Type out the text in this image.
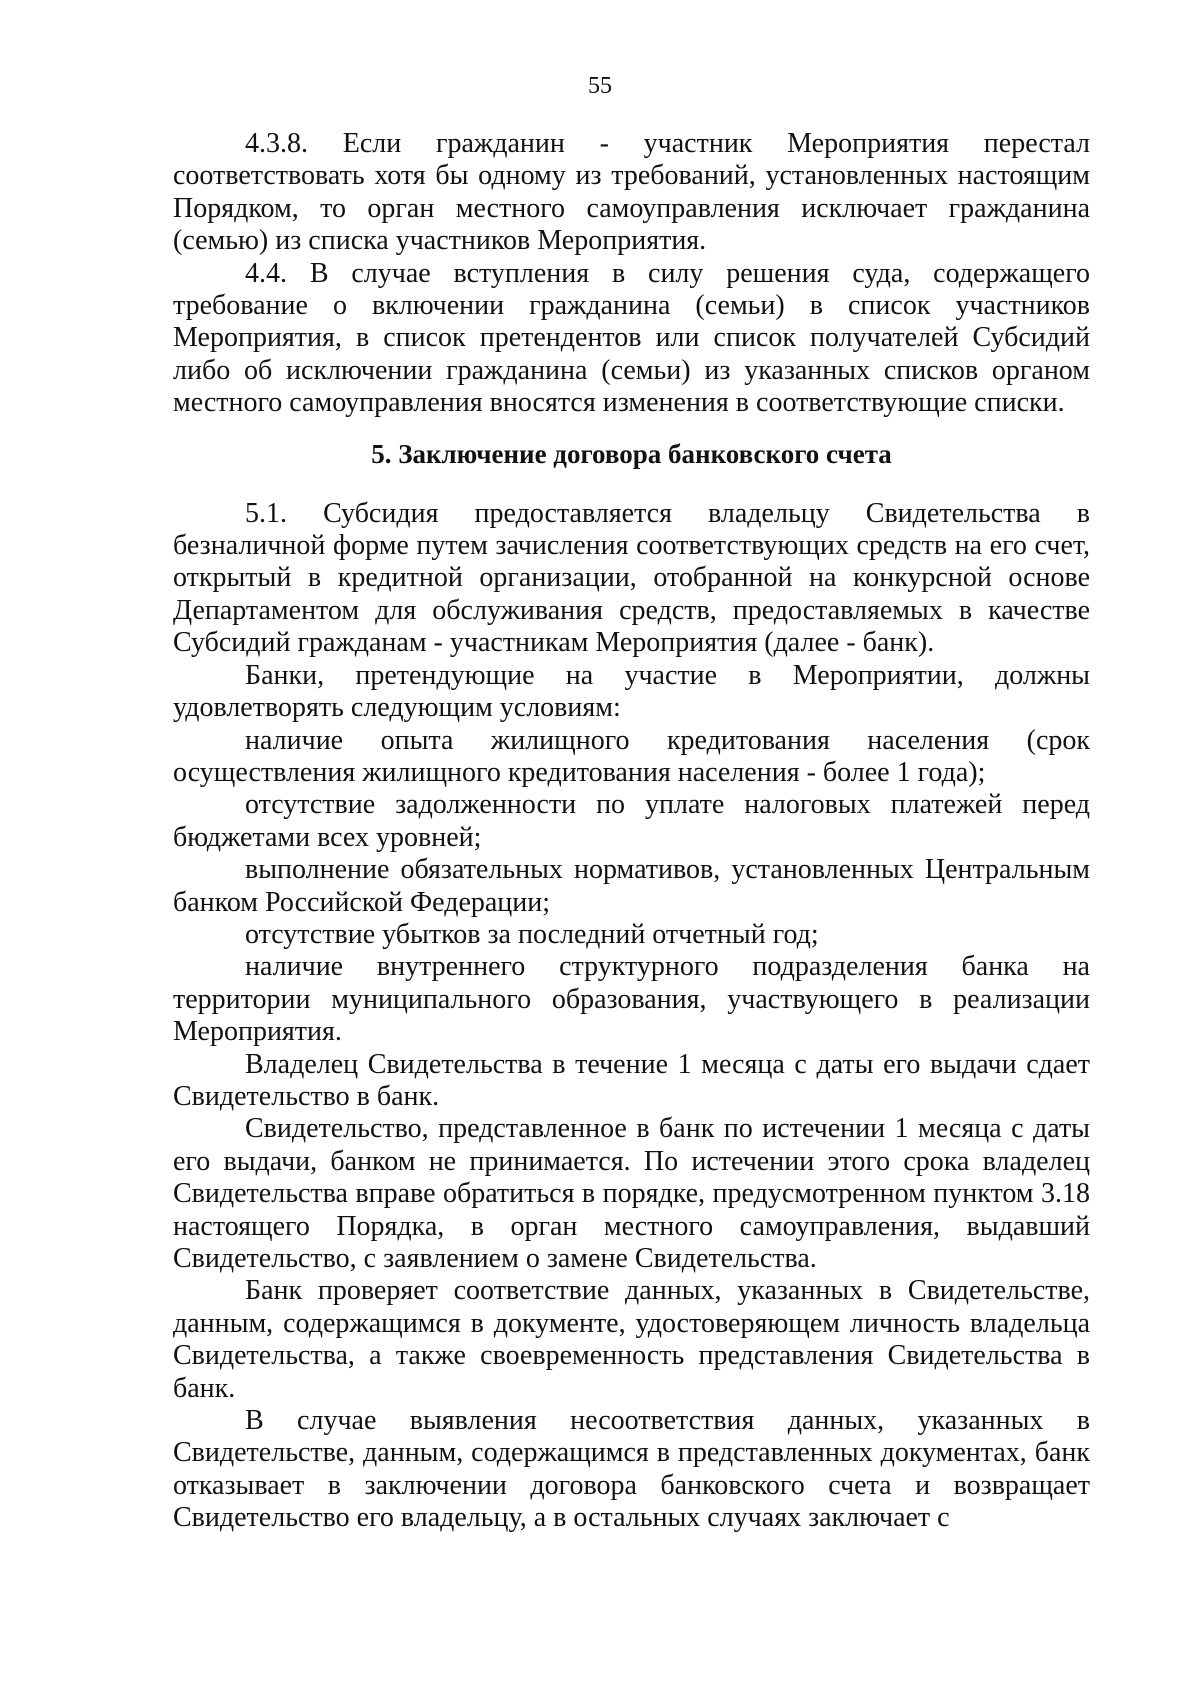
55

4.3.8. Если гражданин - участник Мероприятия перестал соответствовать хотя бы одному из требований, установленных настоящим Порядком, то орган местного самоуправления исключает гражданина (семью) из списка участников Мероприятия.

4.4. В случае вступления в силу решения суда, содержащего требование о включении гражданина (семьи) в список участников Мероприятия, в список претендентов или список получателей Субсидий либо об исключении гражданина (семьи) из указанных списков органом местного самоуправления вносятся изменения в соответствующие списки.

5. Заключение договора банковского счета

5.1. Субсидия предоставляется владельцу Свидетельства в безналичной форме путем зачисления соответствующих средств на его счет, открытый в кредитной организации, отобранной на конкурсной основе Департаментом для обслуживания средств, предоставляемых в качестве Субсидий гражданам - участникам Мероприятия (далее - банк).

Банки, претендующие на участие в Мероприятии, должны удовлетворять следующим условиям:

наличие опыта жилищного кредитования населения (срок осуществления жилищного кредитования населения - более 1 года);

отсутствие задолженности по уплате налоговых платежей перед бюджетами всех уровней;

выполнение обязательных нормативов, установленных Центральным банком Российской Федерации;

отсутствие убытков за последний отчетный год;

наличие внутреннего структурного подразделения банка на территории муниципального образования, участвующего в реализации Мероприятия.

Владелец Свидетельства в течение 1 месяца с даты его выдачи сдает Свидетельство в банк.

Свидетельство, представленное в банк по истечении 1 месяца с даты его выдачи, банком не принимается. По истечении этого срока владелец Свидетельства вправе обратиться в порядке, предусмотренном пунктом 3.18 настоящего Порядка, в орган местного самоуправления, выдавший Свидетельство, с заявлением о замене Свидетельства.

Банк проверяет соответствие данных, указанных в Свидетельстве, данным, содержащимся в документе, удостоверяющем личность владельца Свидетельства, а также своевременность представления Свидетельства в банк.

В случае выявления несоответствия данных, указанных в Свидетельстве, данным, содержащимся в представленных документах, банк отказывает в заключении договора банковского счета и возвращает Свидетельство его владельцу, а в остальных случаях заключает с
